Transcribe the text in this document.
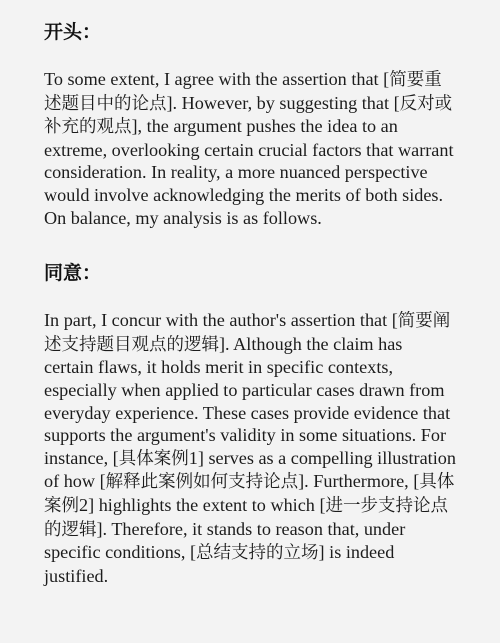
开头：

To some extent, I agree with the assertion that [简要重述题目中的论点]. However, by suggesting that [反对或补充的观点], the argument pushes the idea to an extreme, overlooking certain crucial factors that warrant consideration. In reality, a more nuanced perspective would involve acknowledging the merits of both sides. On balance, my analysis is as follows.

同意：

In part, I concur with the author's assertion that [简要阐述支持题目观点的逻辑]. Although the claim has certain flaws, it holds merit in specific contexts, especially when applied to particular cases drawn from everyday experience. These cases provide evidence that supports the argument's validity in some situations. For instance, [具体案例1] serves as a compelling illustration of how [解释此案例如何支持论点]. Furthermore, [具体案例2] highlights the extent to which [进一步支持论点的逻辑]. Therefore, it stands to reason that, under specific conditions, [总结支持的立场] is indeed justified.
